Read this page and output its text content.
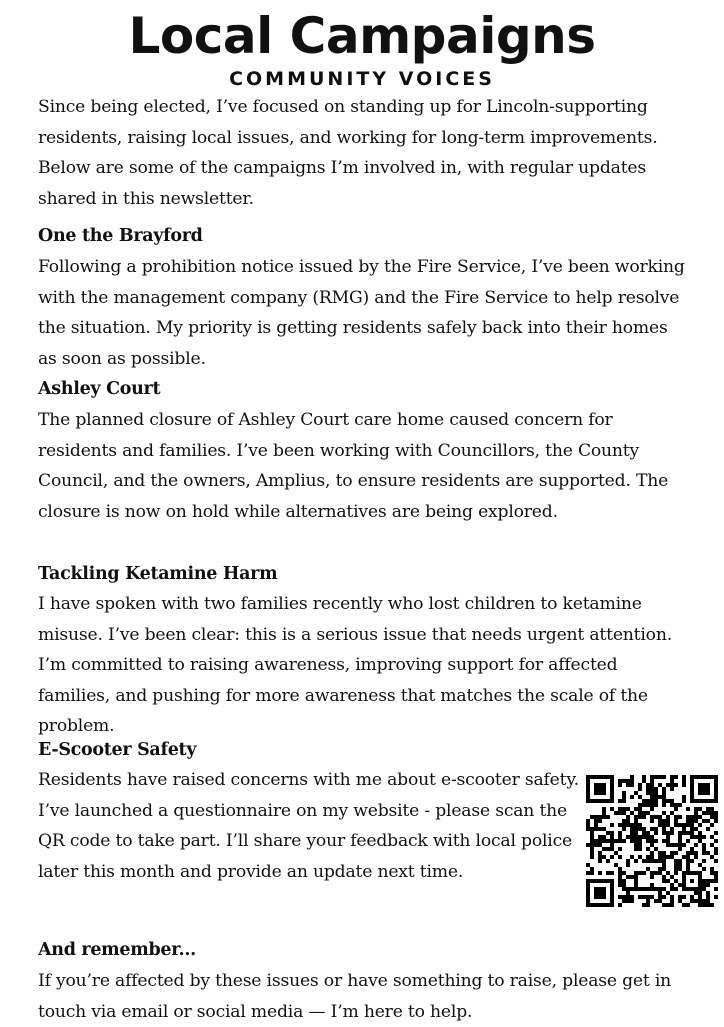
Local Campaigns
COMMUNITY VOICES

Since being elected, I’ve focused on standing up for Lincoln-supporting residents, raising local issues, and working for long-term improvements. Below are some of the campaigns I’m involved in, with regular updates shared in this newsletter.

One the Brayford

Following a prohibition notice issued by the Fire Service, I’ve been working with the management company (RMG) and the Fire Service to help resolve the situation. My priority is getting residents safely back into their homes as soon as possible.

Ashley Court

The planned closure of Ashley Court care home caused concern for residents and families. I’ve been working with Councillors, the County Council, and the owners, Amplius, to ensure residents are supported. The closure is now on hold while alternatives are being explored.

Tackling Ketamine Harm

I have spoken with two families recently who lost children to ketamine misuse. I’ve been clear: this is a serious issue that needs urgent attention. I’m committed to raising awareness, improving support for affected families, and pushing for more awareness that matches the scale of the problem.

E-Scooter Safety

Residents have raised concerns with me about e-scooter safety. I’ve launched a questionnaire on my website - please scan the QR code to take part. I’ll share your feedback with local police later this month and provide an update next time.

And remember...

If you’re affected by these issues or have something to raise, please get in touch via email or social media — I’m here to help.
